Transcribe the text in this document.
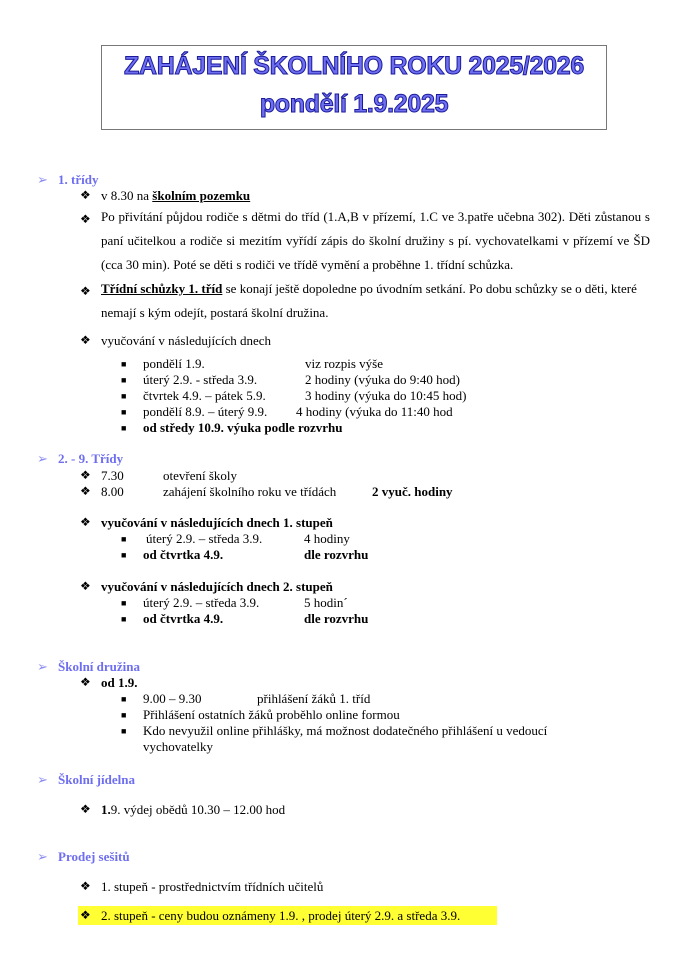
ZAHÁJENÍ ŠKOLNÍHO ROKU 2025/2026
pondělí 1.9.2025
➢ 1. třídy
❖ v 8.30 na školním pozemku
❖ Po přivítání půjdou rodiče s dětmi do tříd (1.A,B v přízemí, 1.C ve 3.patře učebna 302). Děti zůstanou s paní učitelkou a rodiče si mezitím vyřídí zápis do školní družiny s pí. vychovatelkami v přízemí ve ŠD (cca 30 min). Poté se děti s rodiči ve třídě vymění a proběhne 1. třídní schůzka.
❖ Třídní schůzky 1. tříd se konají ještě dopoledne po úvodním setkání. Po dobu schůzky se o děti, které nemají s kým odejít, postará školní družina.
❖ vyučování v následujících dnech
■ pondělí 1.9.	viz rozpis výše
■ úterý 2.9. - středa 3.9.	2 hodiny (výuka do 9:40 hod)
■ čtvrtek 4.9. – pátek 5.9.	3 hodiny (výuka do 10:45 hod)
■ pondělí 8.9. – úterý 9.9. 4 hodiny (výuka do 11:40 hod
■ od středy 10.9. výuka podle rozvrhu
➢ 2. - 9. Třídy
❖ 7.30	otevření školy
❖ 8.00	zahájení školního roku ve třídách	2 vyuč. hodiny
❖ vyučování v následujících dnech 1. stupeň
■ úterý 2.9. – středa 3.9.	4 hodiny
■ od čtvrtka 4.9.	dle rozvrhu
❖ vyučování v následujících dnech 2. stupeň
■ úterý 2.9. – středa 3.9.	5 hodin´
■ od čtvrtka 4.9.	dle rozvrhu
➢ Školní družina
❖ od 1.9.
■ 9.00 – 9.30	přihlášení žáků 1. tříd
■ Přihlášení ostatních žáků proběhlo online formou
■ Kdo nevyužil online přihlášky, má možnost dodatečného přihlášení u vedoucí vychovatelky
➢ Školní jídelna
❖ 1.9. výdej obědů 10.30 – 12.00 hod
➢ Prodej sešitů
❖ 1. stupeň - prostřednictvím třídních učitelů
❖ 2. stupeň - ceny budou oznámeny 1.9. , prodej úterý 2.9. a středa 3.9.
